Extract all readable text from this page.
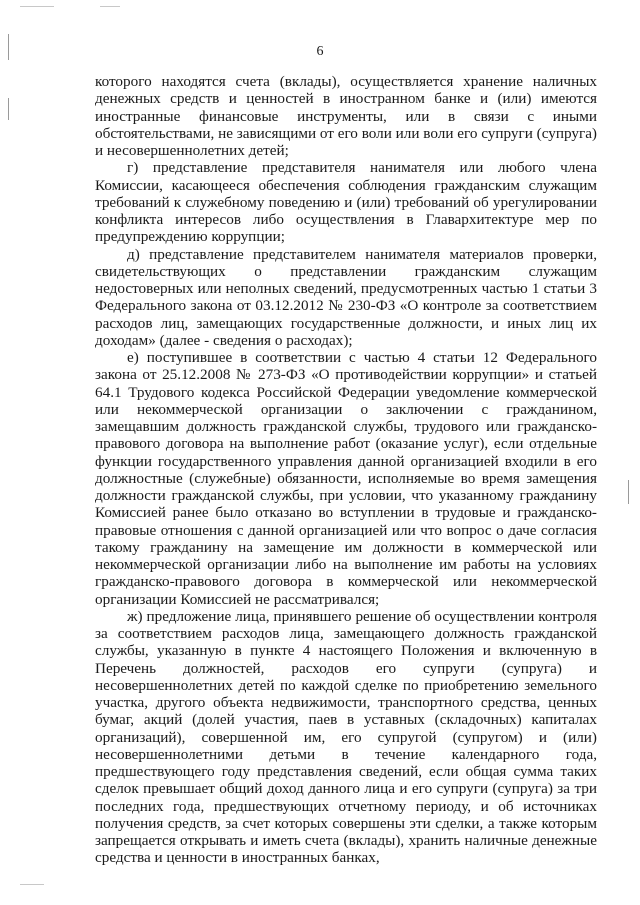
6

которого находятся счета (вклады), осуществляется хранение наличных денежных средств и ценностей в иностранном банке и (или) имеются иностранные финансовые инструменты, или в связи с иными обстоятельствами, не зависящими от его воли или воли его супруги (супруга) и несовершеннолетних детей;

г) представление представителя нанимателя или любого члена Комиссии, касающееся обеспечения соблюдения гражданским служащим требований к служебному поведению и (или) требований об урегулировании конфликта интересов либо осуществления в Главархитектуре мер по предупреждению коррупции;

д) представление представителем нанимателя материалов проверки, свидетельствующих о представлении гражданским служащим недостоверных или неполных сведений, предусмотренных частью 1 статьи 3 Федерального закона от 03.12.2012 № 230-ФЗ «О контроле за соответствием расходов лиц, замещающих государственные должности, и иных лиц их доходам» (далее - сведения о расходах);

е) поступившее в соответствии с частью 4 статьи 12 Федерального закона от 25.12.2008 № 273-ФЗ «О противодействии коррупции» и статьей 64.1 Трудового кодекса Российской Федерации уведомление коммерческой или некоммерческой организации о заключении с гражданином, замещавшим должность гражданской службы, трудового или гражданско-правового договора на выполнение работ (оказание услуг), если отдельные функции государственного управления данной организацией входили в его должностные (служебные) обязанности, исполняемые во время замещения должности гражданской службы, при условии, что указанному гражданину Комиссией ранее было отказано во вступлении в трудовые и гражданско-правовые отношения с данной организацией или что вопрос о даче согласия такому гражданину на замещение им должности в коммерческой или некоммерческой организации либо на выполнение им работы на условиях гражданско-правового договора в коммерческой или некоммерческой организации Комиссией не рассматривался;

ж) предложение лица, принявшего решение об осуществлении контроля за соответствием расходов лица, замещающего должность гражданской службы, указанную в пункте 4 настоящего Положения и включенную в Перечень должностей, расходов его супруги (супруга) и несовершеннолетних детей по каждой сделке по приобретению земельного участка, другого объекта недвижимости, транспортного средства, ценных бумаг, акций (долей участия, паев в уставных (складочных) капиталах организаций), совершенной им, его супругой (супругом) и (или) несовершеннолетними детьми в течение календарного года, предшествующего году представления сведений, если общая сумма таких сделок превышает общий доход данного лица и его супруги (супруга) за три последних года, предшествующих отчетному периоду, и об источниках получения средств, за счет которых совершены эти сделки, а также которым запрещается открывать и иметь счета (вклады), хранить наличные денежные средства и ценности в иностранных банках,
